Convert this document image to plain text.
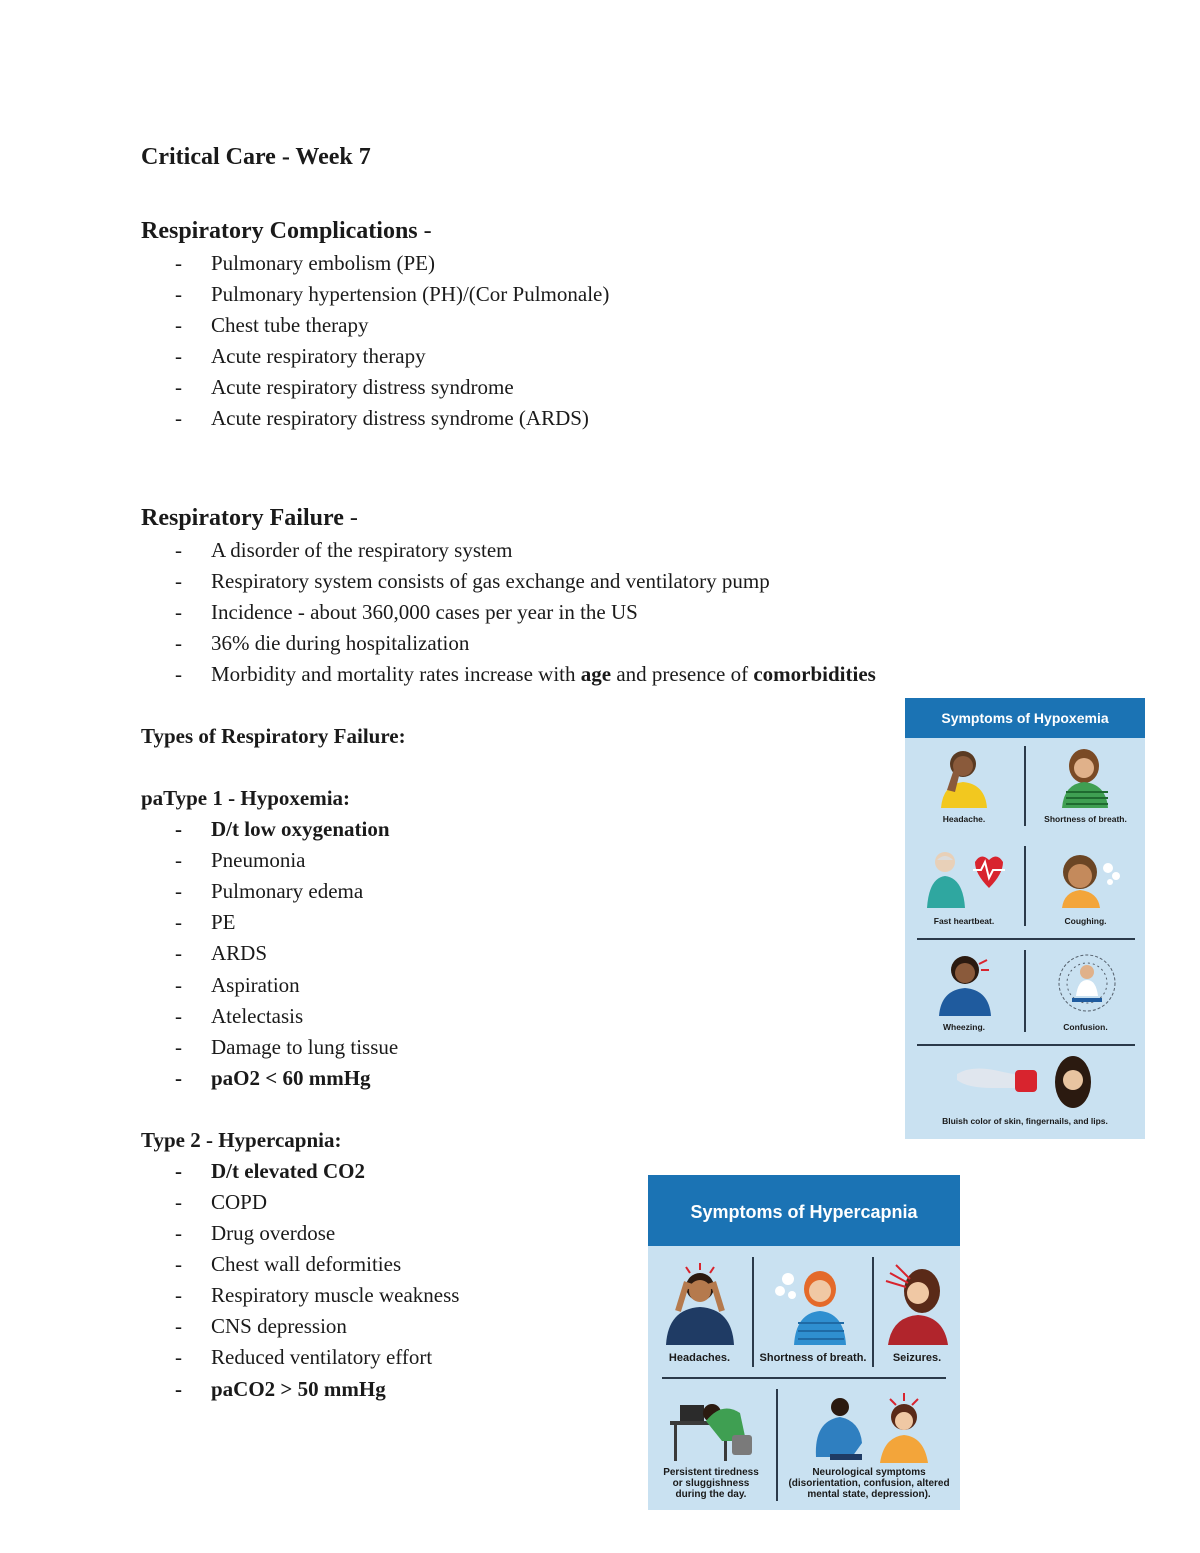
Critical Care - Week 7

Respiratory Complications -

- Pulmonary embolism (PE)
- Pulmonary hypertension (PH)/(Cor Pulmonale)
- Chest tube therapy
- Acute respiratory therapy
- Acute respiratory distress syndrome
- Acute respiratory distress syndrome (ARDS)

Respiratory Failure -

- A disorder of the respiratory system
- Respiratory system consists of gas exchange and ventilatory pump
- Incidence - about 360,000 cases per year in the US
- 36% die during hospitalization
- Morbidity and mortality rates increase with age and presence of comorbidities

Types of Respiratory Failure:

paType 1 - Hypoxemia:

- D/t low oxygenation
- Pneumonia
- Pulmonary edema
- PE
- ARDS
- Aspiration
- Atelectasis
- Damage to lung tissue
- paO2 < 60 mmHg

Type 2 - Hypercapnia:

- D/t elevated CO2
- COPD
- Drug overdose
- Chest wall deformities
- Respiratory muscle weakness
- CNS depression
- Reduced ventilatory effort
- paCO2 > 50 mmHg
Symptoms of Hypoxemia
Headache.	Shortness of breath.
Fast heartbeat.	Coughing.
Wheezing.	Confusion.
Bluish color of skin, fingernails, and lips.
Symptoms of Hypercapnia
Headaches.	Shortness of breath.	Seizures.
Persistent tiredness
or sluggishness
during the day.
Neurological symptoms
(disorientation, confusion, altered
mental state, depression).
